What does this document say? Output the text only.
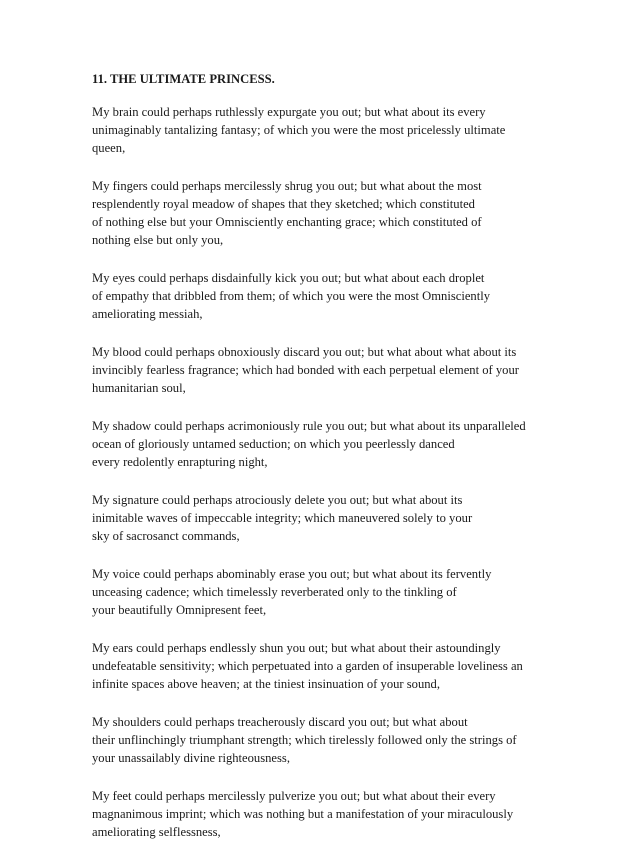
11. THE ULTIMATE PRINCESS.
My brain could perhaps ruthlessly expurgate you out; but what about its every
unimaginably tantalizing fantasy; of which you were the most pricelessly ultimate
queen,
My fingers could perhaps mercilessly shrug you out; but what about the most
resplendently royal meadow of shapes that they sketched; which constituted
of nothing else but your Omnisciently enchanting grace; which constituted of
nothing else but only you,
My eyes could perhaps disdainfully kick you out; but what about each droplet
of empathy that dribbled from them; of which you were the most Omnisciently
ameliorating messiah,
My blood could perhaps obnoxiously discard you out; but what about what about its
invincibly fearless fragrance; which had bonded with each perpetual element of your
humanitarian soul,
My shadow could perhaps acrimoniously rule you out; but what about its unparalleled
ocean of gloriously untamed seduction; on which you peerlessly danced
every redolently enrapturing night,
My signature could perhaps atrociously delete you out; but what about its
inimitable waves of impeccable integrity; which maneuvered solely to your
sky of sacrosanct commands,
My voice could perhaps abominably erase you out; but what about its fervently
unceasing cadence; which timelessly reverberated only to the tinkling of
your beautifully Omnipresent feet,
My ears could perhaps endlessly shun you out; but what about their astoundingly
undefeatable sensitivity; which perpetuated into a garden of insuperable loveliness an
infinite spaces above heaven; at the tiniest insinuation of your sound,
My shoulders could perhaps treacherously discard you out; but what about
their unflinchingly triumphant strength; which tirelessly followed only the strings of
your unassailably divine righteousness,
My feet could perhaps mercilessly pulverize you out; but what about their every
magnanimous imprint; which was nothing but a manifestation of your miraculously
ameliorating selflessness,
